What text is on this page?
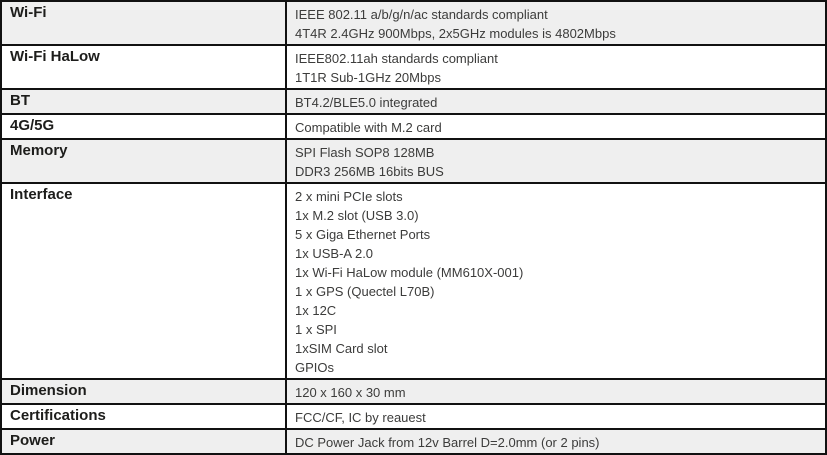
Wi-Fi	IEEE 802.11 a/b/g/n/ac standards compliant
4T4R 2.4GHz 900Mbps, 2x5GHz modules is 4802Mbps

Wi-Fi HaLow	IEEE802.11ah standards compliant
1T1R Sub-1GHz 20Mbps

BT	BT4.2/BLE5.0 integrated

4G/5G	Compatible with M.2 card

Memory	SPI Flash SOP8 128MB
DDR3 256MB 16bits BUS

Interface	2 x mini PCIe slots
1x M.2 slot (USB 3.0)
5 x Giga Ethernet Ports
1x USB-A 2.0
1x Wi-Fi HaLow module (MM610X-001)
1 x GPS (Quectel L70B)
1x 12C
1 x SPI
1xSIM Card slot
GPIOs

Dimension	120 x 160 x 30 mm

Certifications	FCC/CF, IC by reauest

Power	DC Power Jack from 12v Barrel D=2.0mm (or 2 pins)
